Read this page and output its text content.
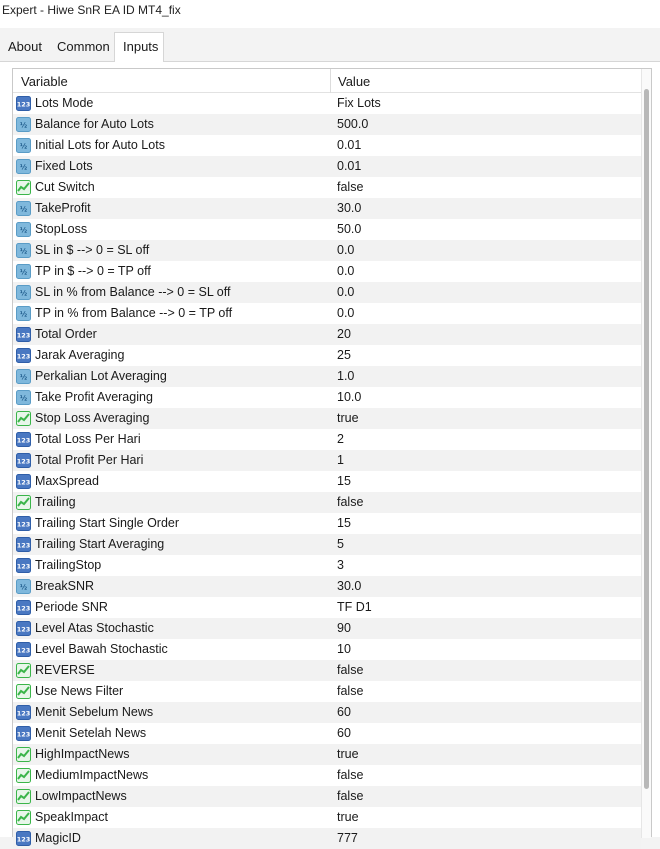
Expert - Hiwe SnR EA ID MT4_fix
About	Common	Inputs
Variable	Value
123 Lots Mode	Fix Lots
½ Balance for Auto Lots	500.0
½ Initial Lots for Auto Lots	0.01
½ Fixed Lots	0.01
Cut Switch	false
½ TakeProfit	30.0
½ StopLoss	50.0
½ SL in $ --> 0 = SL off	0.0
½ TP in $ --> 0 = TP off	0.0
½ SL in % from Balance --> 0 = SL off	0.0
½ TP in % from Balance --> 0 = TP off	0.0
123 Total Order	20
123 Jarak Averaging	25
½ Perkalian Lot Averaging	1.0
½ Take Profit Averaging	10.0
Stop Loss Averaging	true
123 Total Loss Per Hari	2
123 Total Profit Per Hari	1
123 MaxSpread	15
Trailing	false
123 Trailing Start Single Order	15
123 Trailing Start Averaging	5
123 TrailingStop	3
½ BreakSNR	30.0
123 Periode SNR	TF D1
123 Level Atas Stochastic	90
123 Level Bawah Stochastic	10
REVERSE	false
Use News Filter	false
123 Menit Sebelum News	60
123 Menit Setelah News	60
HighImpactNews	true
MediumImpactNews	false
LowImpactNews	false
SpeakImpact	true
123 MagicID	777
